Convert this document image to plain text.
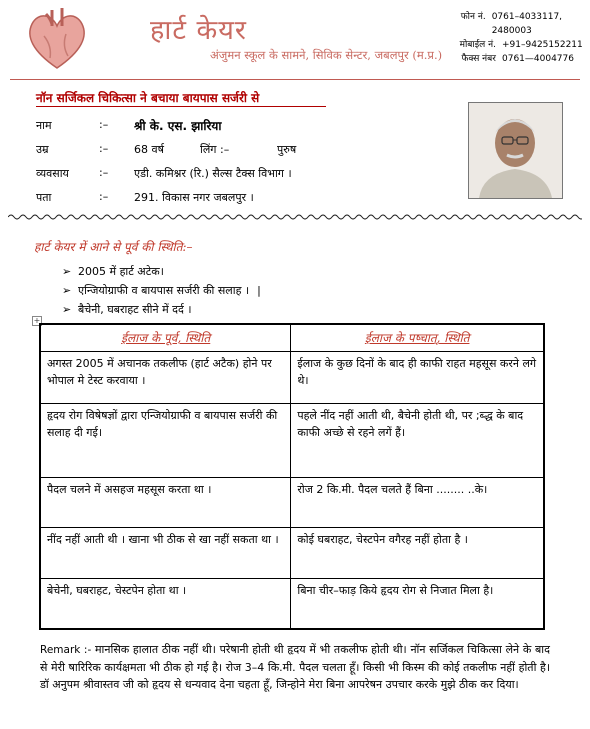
हार्ट केयर
अंजुमन स्कूल के सामने, सिविक सेन्टर, जबलपुर (म.प्र.)
फोन नं. 0761–4033117, 2480003
मोबाईल नं. +91–9425152211
फैक्स नंबर 0761—4004776
नॉन सर्जिकल चिकित्सा ने बचाया बायपास सर्जरी से
नाम	:– श्री के. एस. झारिया
उम्र	:– 68 वर्ष	लिंग :–	पुरुष
व्यवसाय	:– एडी. कमिश्नर (रि.) सैल्स टैक्स विभाग ।
पता	:– 291. विकास नगर जबलपुर ।
हार्ट केयर में आने से पूर्व की स्थिति:–
➢ 2005 में हार्ट अटेक।
➢ एन्जियोग्राफी व बायपास सर्जरी की सलाह । |
➢ बैचेनी, घबराहट सीने में दर्द ।
+
ईलाज के पूर्व, स्थिति	ईलाज के पष्चात्, स्थिति
अगस्त 2005 में अचानक तकलीफ (हार्ट अटैक) होने पर भोपाल मे टेस्ट करवाया ।	ईलाज के कुछ दिनों के बाद ही काफी राहत महसूस करने लगे थे।
हृदय रोग विषेषज्ञों द्वारा एन्जियोग्राफी व बायपास सर्जरी की सलाह दी गई।	पहले नींद नहीं आती थी, बैचेनी होती थी, पर ;ब्द्ध के बाद काफी अच्छे से रहने लगें हैं।
पैदल चलने में असहज महसूस करता था ।	रोज 2 कि.मी. पैदल चलते हैं बिना ........ ..के।
नींद नहीं आती थी । खाना भी ठीक से खा नहीं सकता था ।	कोई घबराहट, चेस्टपेन वगैरह नहीं होता है ।
बेचेनी, घबराहट, चेस्टपेन होता था ।	बिना चीर–फाड़ किये हृदय रोग से निजात मिला है।
Remark :- मानसिक हालात ठीक नहीं थी। परेषानी होती थी हृदय में भी तकलीफ होती थी। नॉन सर्जिकल चिकित्सा लेने के बाद से मेरी षारिरिक कार्यक्षमता भी ठीक हो गई है। रोज 3–4 कि.मी. पैदल चलता हूँ। किसी भी किस्म की कोई तकलीफ नहीं होती है। डॉ अनुपम श्रीवास्तव जी को हृदय से धन्यवाद देना चहता हूँ, जिन्होने मेरा बिना आपरेषन उपचार करके मुझे ठीक कर दिया।
